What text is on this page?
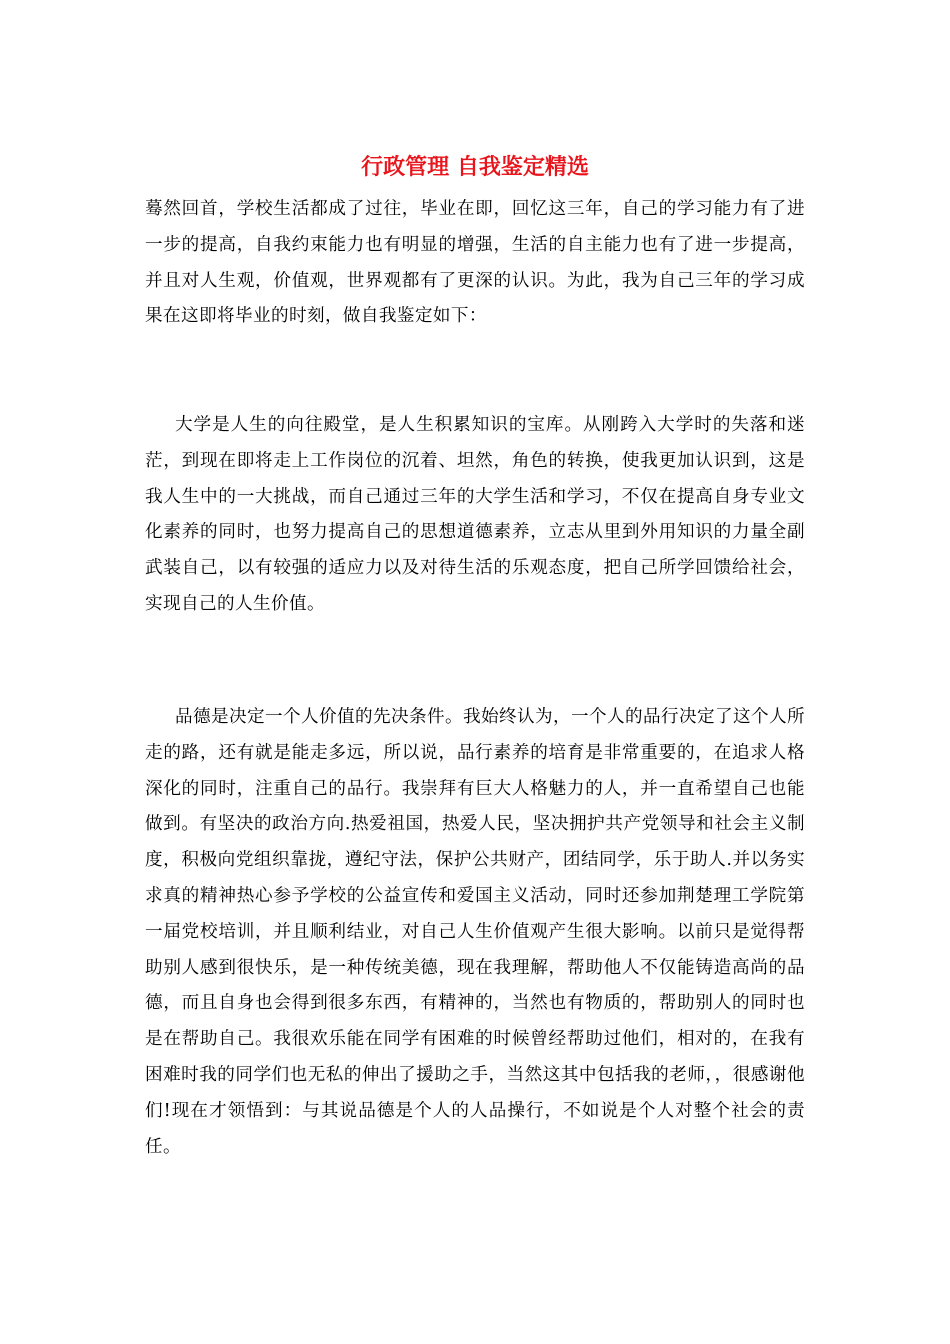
行政管理 自我鉴定精选

蓦然回首，学校生活都成了过往，毕业在即，回忆这三年，自己的学习能力有了进一步的提高，自我约束能力也有明显的增强，生活的自主能力也有了进一步提高，并且对人生观，价值观，世界观都有了更深的认识。为此，我为自己三年的学习成果在这即将毕业的时刻，做自我鉴定如下：

大学是人生的向往殿堂，是人生积累知识的宝库。从刚跨入大学时的失落和迷茫，到现在即将走上工作岗位的沉着、坦然，角色的转换，使我更加认识到，这是我人生中的一大挑战，而自己通过三年的大学生活和学习，不仅在提高自身专业文化素养的同时，也努力提高自己的思想道德素养，立志从里到外用知识的力量全副武装自己，以有较强的适应力以及对待生活的乐观态度，把自己所学回馈给社会，实现自己的人生价值。

品德是决定一个人价值的先决条件。我始终认为，一个人的品行决定了这个人所走的路，还有就是能走多远，所以说，品行素养的培育是非常重要的，在追求人格深化的同时，注重自己的品行。我崇拜有巨大人格魅力的人，并一直希望自己也能做到。有坚决的政治方向.热爱祖国，热爱人民，坚决拥护共产党领导和社会主义制度，积极向党组织靠拢，遵纪守法，保护公共财产，团结同学，乐于助人.并以务实求真的精神热心参予学校的公益宣传和爱国主义活动，同时还参加荆楚理工学院第一届党校培训，并且顺利结业，对自己人生价值观产生很大影响。以前只是觉得帮助别人感到很快乐，是一种传统美德，现在我理解，帮助他人不仅能铸造高尚的品德，而且自身也会得到很多东西，有精神的，当然也有物质的，帮助别人的同时也是在帮助自己。我很欢乐能在同学有困难的时候曾经帮助过他们，相对的，在我有困难时我的同学们也无私的伸出了援助之手，当然这其中包括我的老师，，很感谢他们!现在才领悟到：与其说品德是个人的人品操行，不如说是个人对整个社会的责任。
